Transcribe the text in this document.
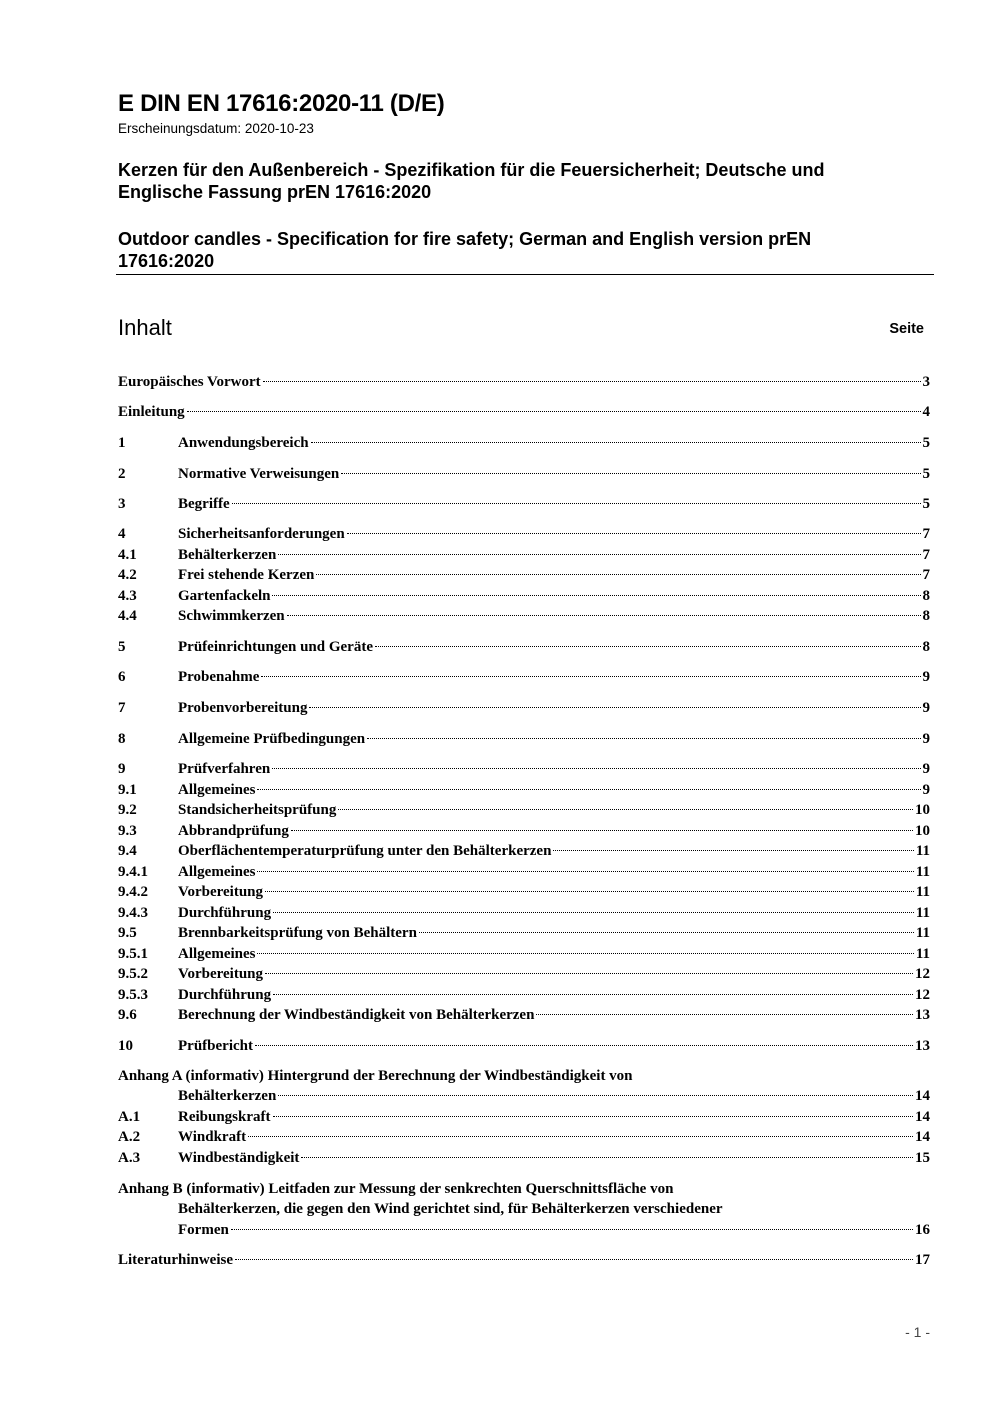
E DIN EN 17616:2020-11 (D/E)
Erscheinungsdatum: 2020-10-23
Kerzen für den Außenbereich - Spezifikation für die Feuersicherheit; Deutsche und
Englische Fassung prEN 17616:2020
Outdoor candles - Specification for fire safety; German and English version prEN
17616:2020
Inhalt	Seite
Europäisches Vorwort	3
Einleitung	4
1	Anwendungsbereich	5
2	Normative Verweisungen	5
3	Begriffe	5
4	Sicherheitsanforderungen	7
4.1	Behälterkerzen	7
4.2	Frei stehende Kerzen	7
4.3	Gartenfackeln	8
4.4	Schwimmkerzen	8
5	Prüfeinrichtungen und Geräte	8
6	Probenahme	9
7	Probenvorbereitung	9
8	Allgemeine Prüfbedingungen	9
9	Prüfverfahren	9
9.1	Allgemeines	9
9.2	Standsicherheitsprüfung	10
9.3	Abbrandprüfung	10
9.4	Oberflächentemperaturprüfung unter den Behälterkerzen	11
9.4.1	Allgemeines	11
9.4.2	Vorbereitung	11
9.4.3	Durchführung	11
9.5	Brennbarkeitsprüfung von Behältern	11
9.5.1	Allgemeines	11
9.5.2	Vorbereitung	12
9.5.3	Durchführung	12
9.6	Berechnung der Windbeständigkeit von Behälterkerzen	13
10	Prüfbericht	13
Anhang A (informativ) Hintergrund der Berechnung der Windbeständigkeit von
Behälterkerzen	14
A.1	Reibungskraft	14
A.2	Windkraft	14
A.3	Windbeständigkeit	15
Anhang B (informativ) Leitfaden zur Messung der senkrechten Querschnittsfläche von
Behälterkerzen, die gegen den Wind gerichtet sind, für Behälterkerzen verschiedener
Formen	16
Literaturhinweise	17
- 1 -
